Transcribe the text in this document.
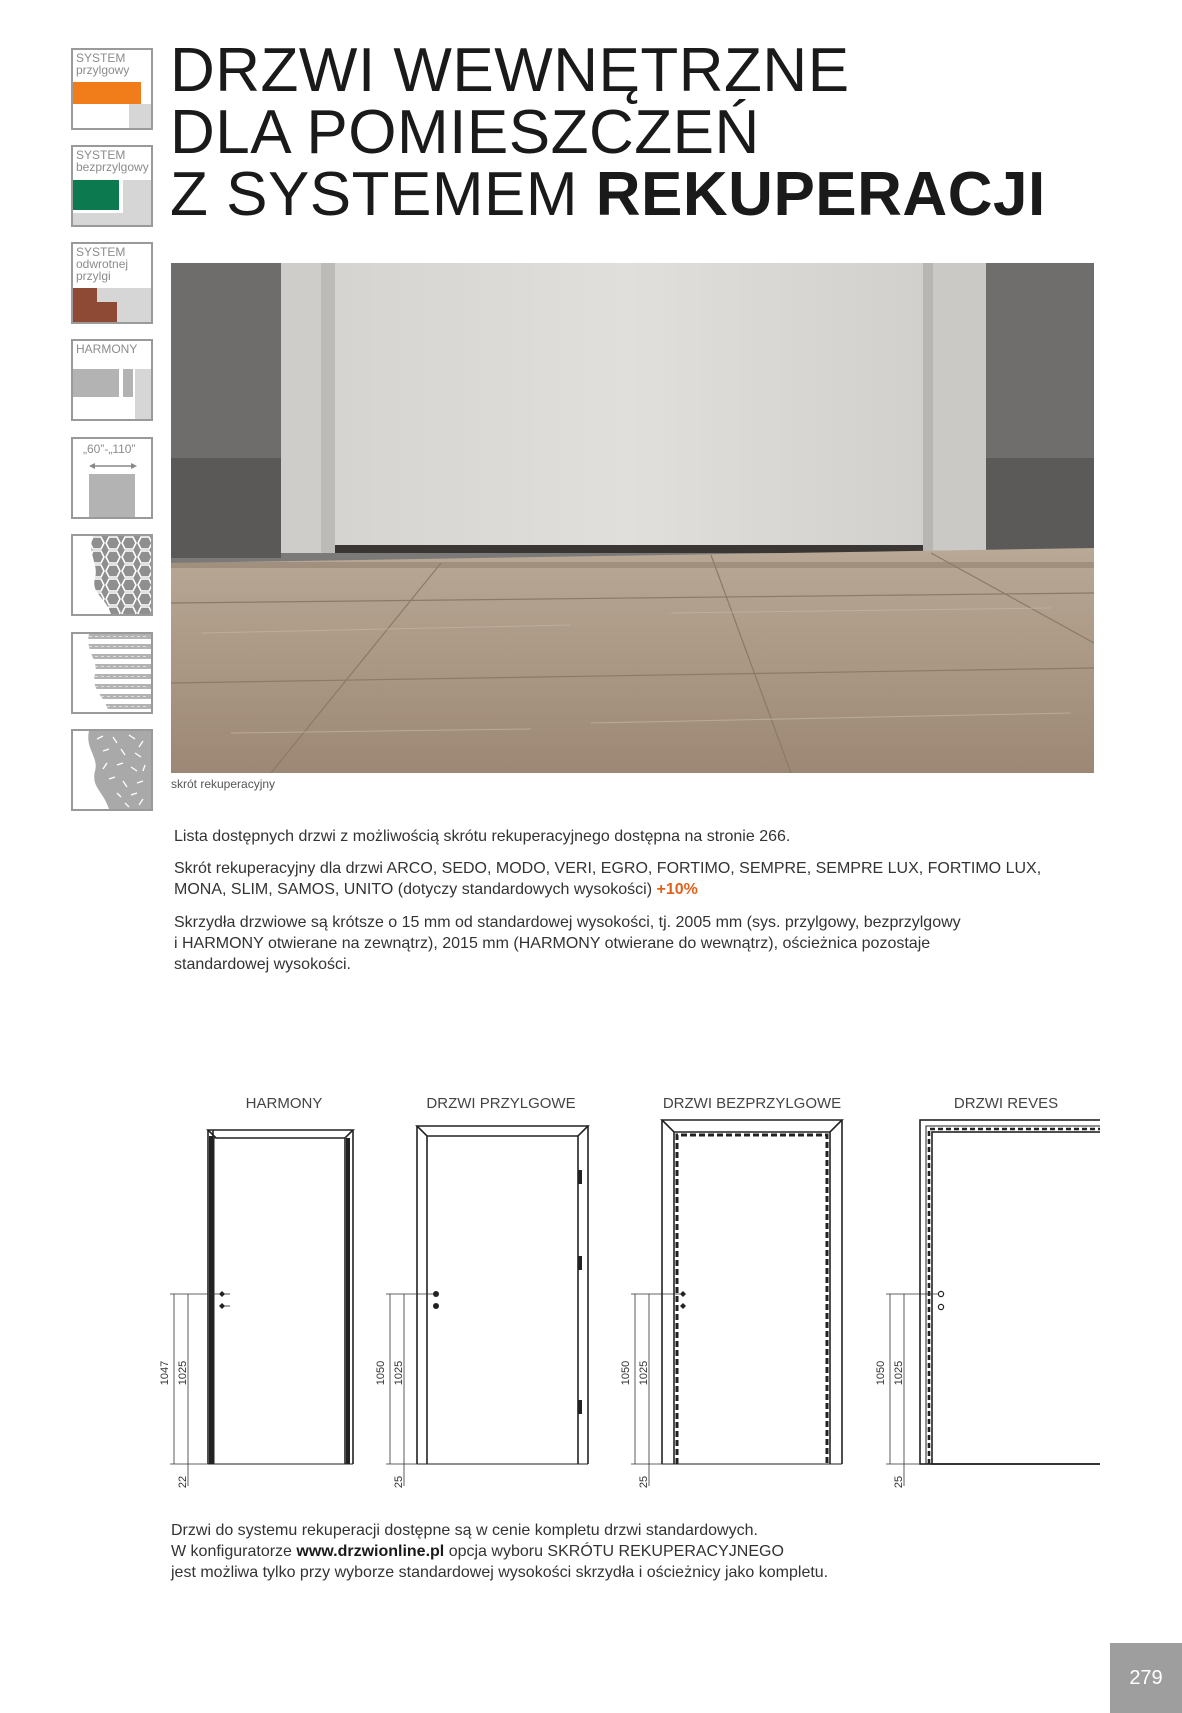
SYSTEM
przylgowy
SYSTEM
bezprzylgowy
SYSTEM
odwrotnej
przylgi
HARMONY
„60”-„110”
DRZWI WEWNĘTRZNE
DLA POMIESZCZEŃ
Z SYSTEMEM REKUPERACJI
skrót rekuperacyjny
Lista dostępnych drzwi z możliwością skrótu rekuperacyjnego dostępna na stronie 266.
Skrót rekuperacyjny dla drzwi ARCO, SEDO, MODO, VERI, EGRO, FORTIMO, SEMPRE, SEMPRE LUX, FORTIMO LUX,
MONA, SLIM, SAMOS, UNITO (dotyczy standardowych wysokości) +10%
Skrzydła drzwiowe są krótsze o 15 mm od standardowej wysokości, tj. 2005 mm (sys. przylgowy, bezprzylgowy
i HARMONY otwierane na zewnątrz), 2015 mm (HARMONY otwierane do wewnątrz), ościeżnica pozostaje
standardowej wysokości.
HARMONY	DRZWI PRZYLGOWE	DRZWI BEZPRZYLGOWE	DRZWI REVES
1047 1025
22
1050 1025
25
1050 1025
25
1050 1025
25
Drzwi do systemu rekuperacji dostępne są w cenie kompletu drzwi standardowych.
W konfiguratorze www.drzwionline.pl opcja wyboru SKRÓTU REKUPERACYJNEGO
jest możliwa tylko przy wyborze standardowej wysokości skrzydła i ościeżnicy jako kompletu.
279
